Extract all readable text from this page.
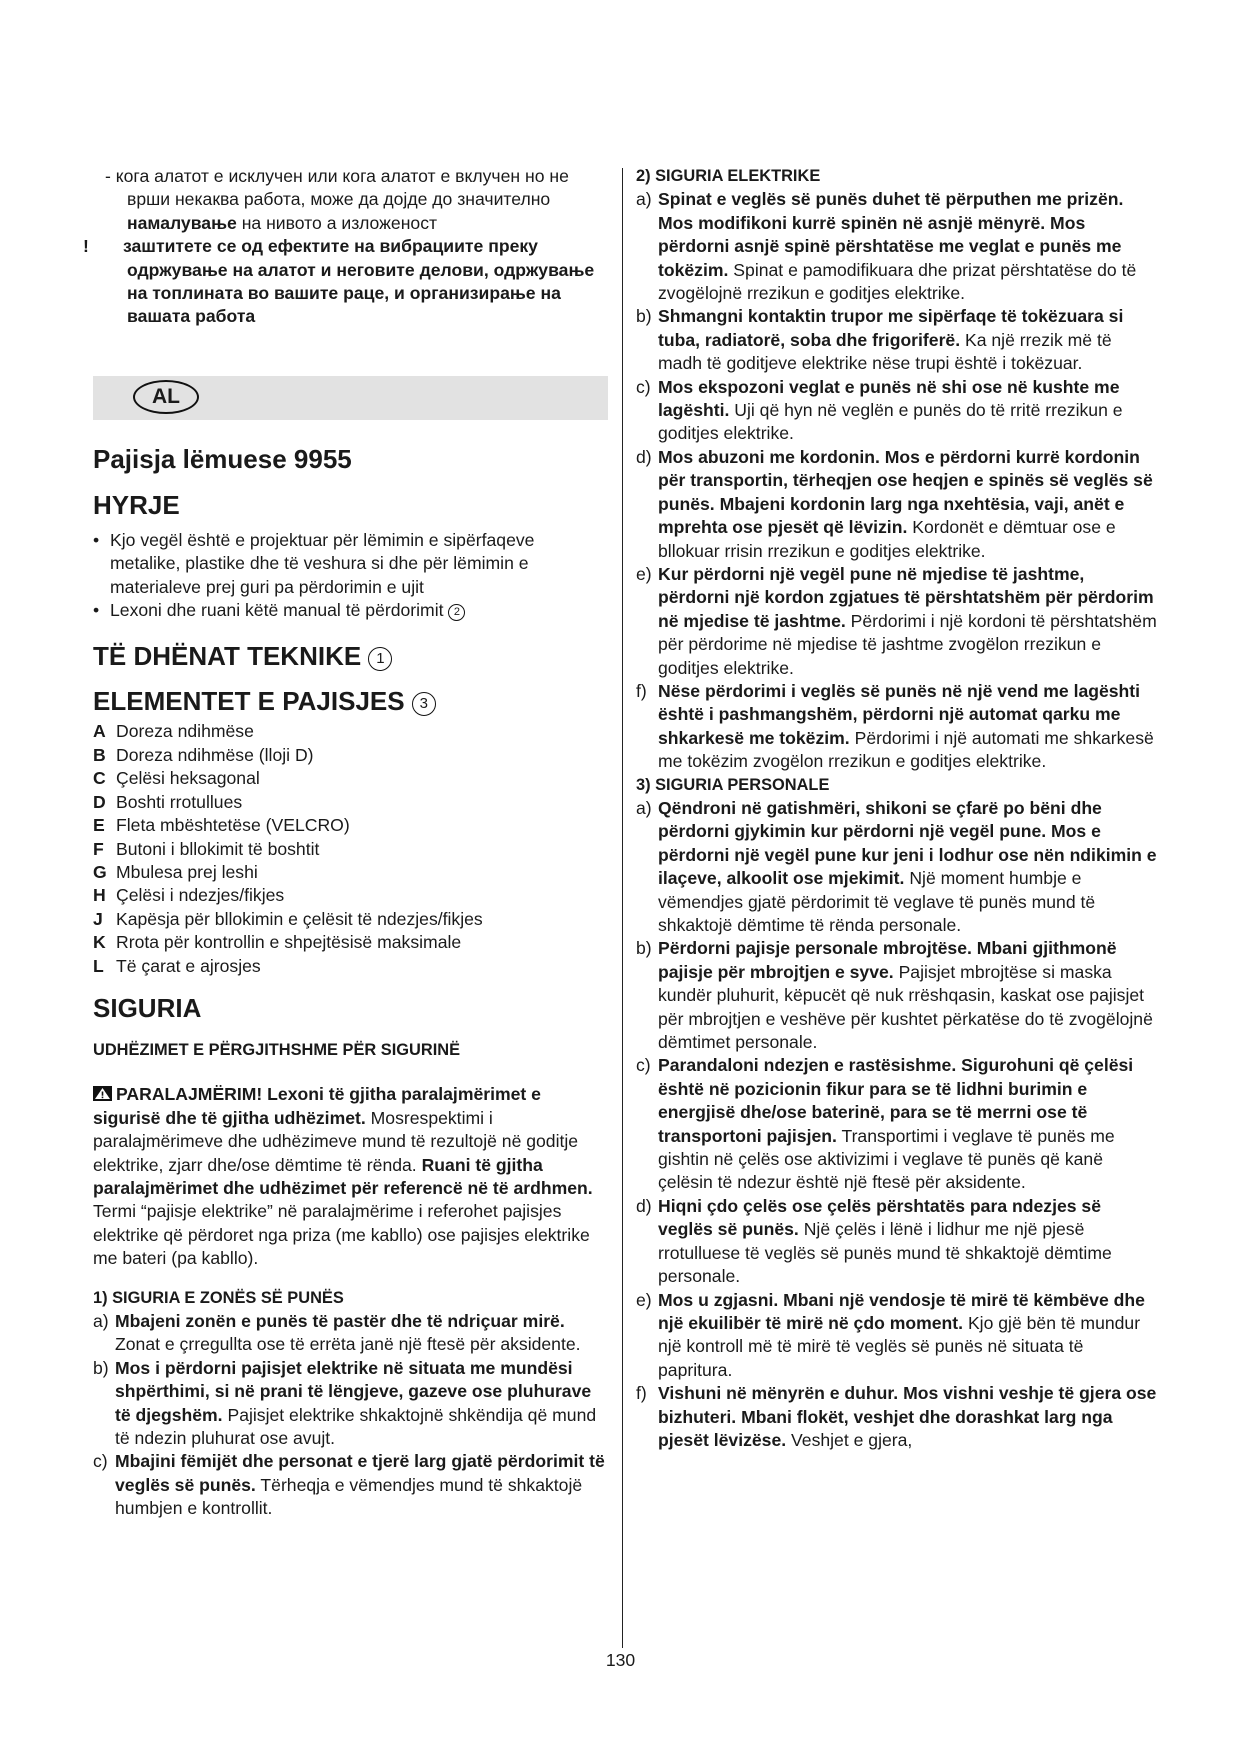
- кога алатот е исклучен или кога алатот е вклучен но не врши некаква работа, може да дојде до значително намалување на нивото а изложеност
! заштитете се од ефектите на вибрациите преку одржување на алатот и неговите делови, одржување на топлината во вашите раце, и организирање на вашата работа
AL
Pajisja lëmuese 9955
HYRJE
• Kjo vegël është e projektuar për lëmimin e sipërfaqeve metalike, plastike dhe të veshura si dhe për lëmimin e materialeve prej guri pa përdorimin e ujit
• Lexoni dhe ruani këtë manual të përdorimit 2
TË DHËNAT TEKNIKE 1
ELEMENTET E PAJISJES 3
A Doreza ndihmëse
B Doreza ndihmëse (lloji D)
C Çelësi heksagonal
D Boshti rrotullues
E Fleta mbështetëse (VELCRO)
F Butoni i bllokimit të boshtit
G Mbulesa prej leshi
H Çelësi i ndezjes/fikjes
J Kapësja për bllokimin e çelësit të ndezjes/fikjes
K Rrota për kontrollin e shpejtësisë maksimale
L Të çarat e ajrosjes
SIGURIA
UDHËZIMET E PËRGJITHSHME PËR SIGURINË
PARALAJMËRIM! Lexoni të gjitha paralajmërimet e sigurisë dhe të gjitha udhëzimet. Mosrespektimi i paralajmërimeve dhe udhëzimeve mund të rezultojë në goditje elektrike, zjarr dhe/ose dëmtime të rënda. Ruani të gjitha paralajmërimet dhe udhëzimet për referencë në të ardhmen. Termi “pajisje elektrike” në paralajmërime i referohet pajisjes elektrike që përdoret nga priza (me kabllo) ose pajisjes elektrike me bateri (pa kabllo).
1) SIGURIA E ZONËS SË PUNËS
a) Mbajeni zonën e punës të pastër dhe të ndriçuar mirë. Zonat e çrregullta ose të errëta janë një ftesë për aksidente.
b) Mos i përdorni pajisjet elektrike në situata me mundësi shpërthimi, si në prani të lëngjeve, gazeve ose pluhurave të djegshëm. Pajisjet elektrike shkaktojnë shkëndija që mund të ndezin pluhurat ose avujt.
c) Mbajini fëmijët dhe personat e tjerë larg gjatë përdorimit të veglës së punës. Tërheqja e vëmendjes mund të shkaktojë humbjen e kontrollit.
2) SIGURIA ELEKTRIKE
a) Spinat e veglës së punës duhet të përputhen me prizën. Mos modifikoni kurrë spinën në asnjë mënyrë. Mos përdorni asnjë spinë përshtatëse me veglat e punës me tokëzim. Spinat e pamodifikuara dhe prizat përshtatëse do të zvogëlojnë rrezikun e goditjes elektrike.
b) Shmangni kontaktin trupor me sipërfaqe të tokëzuara si tuba, radiatorë, soba dhe frigoriferë. Ka një rrezik më të madh të goditjeve elektrike nëse trupi është i tokëzuar.
c) Mos ekspozoni veglat e punës në shi ose në kushte me lagështi. Uji që hyn në veglën e punës do të rritë rrezikun e goditjes elektrike.
d) Mos abuzoni me kordonin. Mos e përdorni kurrë kordonin për transportin, tërheqjen ose heqjen e spinës së veglës së punës. Mbajeni kordonin larg nga nxehtësia, vaji, anët e mprehta ose pjesët që lëvizin. Kordonët e dëmtuar ose e bllokuar rrisin rrezikun e goditjes elektrike.
e) Kur përdorni një vegël pune në mjedise të jashtme, përdorni një kordon zgjatues të përshtatshëm për përdorim në mjedise të jashtme. Përdorimi i një kordoni të përshtatshëm për përdorime në mjedise të jashtme zvogëlon rrezikun e goditjes elektrike.
f) Nëse përdorimi i veglës së punës në një vend me lagështi është i pashmangshëm, përdorni një automat qarku me shkarkesë me tokëzim. Përdorimi i një automati me shkarkesë me tokëzim zvogëlon rrezikun e goditjes elektrike.
3) SIGURIA PERSONALE
a) Qëndroni në gatishmëri, shikoni se çfarë po bëni dhe përdorni gjykimin kur përdorni një vegël pune. Mos e përdorni një vegël pune kur jeni i lodhur ose nën ndikimin e ilaçeve, alkoolit ose mjekimit. Një moment humbje e vëmendjes gjatë përdorimit të veglave të punës mund të shkaktojë dëmtime të rënda personale.
b) Përdorni pajisje personale mbrojtëse. Mbani gjithmonë pajisje për mbrojtjen e syve. Pajisjet mbrojtëse si maska kundër pluhurit, këpucët që nuk rrëshqasin, kaskat ose pajisjet për mbrojtjen e veshëve për kushtet përkatëse do të zvogëlojnë dëmtimet personale.
c) Parandaloni ndezjen e rastësishme. Sigurohuni që çelësi është në pozicionin fikur para se të lidhni burimin e energjisë dhe/ose baterinë, para se të merrni ose të transportoni pajisjen. Transportimi i veglave të punës me gishtin në çelës ose aktivizimi i veglave të punës që kanë çelësin të ndezur është një ftesë për aksidente.
d) Hiqni çdo çelës ose çelës përshtatës para ndezjes së veglës së punës. Një çelës i lënë i lidhur me një pjesë rrotulluese të veglës së punës mund të shkaktojë dëmtime personale.
e) Mos u zgjasni. Mbani një vendosje të mirë të këmbëve dhe një ekuilibër të mirë në çdo moment. Kjo gjë bën të mundur një kontroll më të mirë të veglës së punës në situata të papritura.
f) Vishuni në mënyrën e duhur. Mos vishni veshje të gjera ose bizhuteri. Mbani flokët, veshjet dhe dorashkat larg nga pjesët lëvizëse. Veshjet e gjera,
130
